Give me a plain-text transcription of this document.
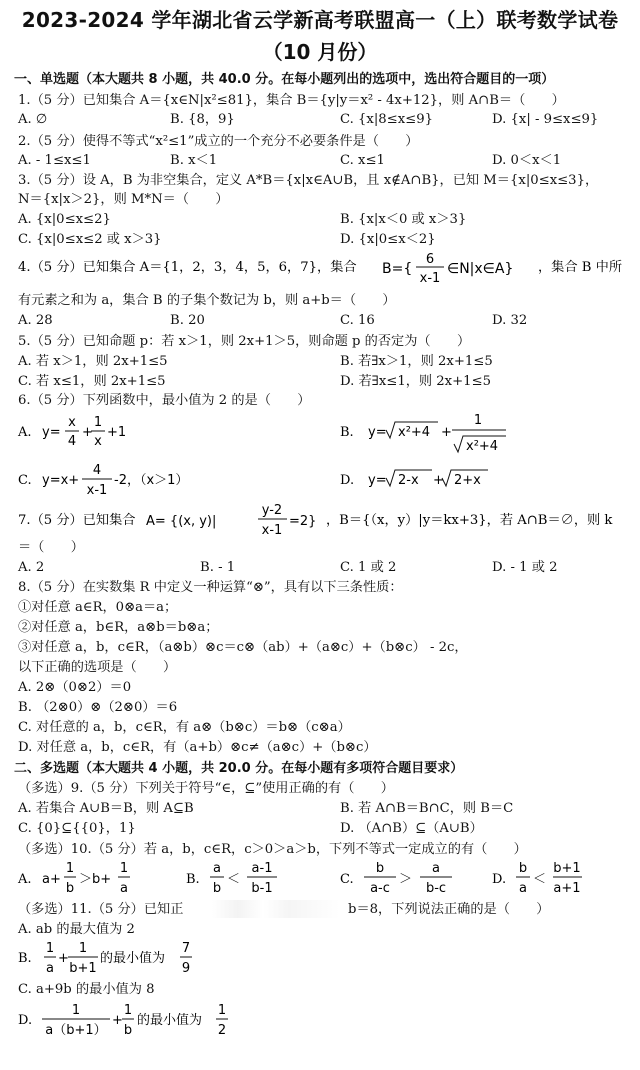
2023-2024 学年湖北省云学新高考联盟高一（上）联考数学试卷
（10 月份）
一、单选题（本大题共 8 小题，共 40.0 分。在每小题列出的选项中，选出符合题目的一项）
1.（5 分）已知集合 A＝{x∈N|x²≤81}，集合 B＝{y|y＝x² - 4x+12}，则 A∩B＝（　　）
A. ∅	B. {8，9}	C. {x|8≤x≤9}	D. {x| - 9≤x≤9}
2.（5 分）使得不等式“x²≤1”成立的一个充分不必要条件是（　　）
A. - 1≤x≤1	B. x＜1	C. x≤1	D. 0＜x＜1
3.（5 分）设 A，B 为非空集合，定义 A*B＝{x|x∈A∪B，且 x∉A∩B}，已知 M＝{x|0≤x≤3}，
N＝{x|x＞2}，则 M*N＝（　　）
A. {x|0≤x≤2}	B. {x|x＜0 或 x＞3}
C. {x|0≤x≤2 或 x＞3}	D. {x|0≤x＜2}
4.（5 分）已知集合 A＝{1，2，3，4，5，6，7}，集合 B={
6
x-1
∈N|x∈A} ，集合 B 中所
有元素之和为 a，集合 B 的子集个数记为 b，则 a+b＝（　　）
A. 28	B. 20	C. 16	D. 32
5.（5 分）已知命题 p：若 x＞1，则 2x+1＞5，则命题 p 的否定为（　　）
A. 若 x＞1，则 2x+1≤5	B. 若∃x＞1，则 2x+1≤5
C. 若 x≤1，则 2x+1≤5	D. 若∃x≤1，则 2x+1≤5
6.（5 分）下列函数中，最小值为 2 的是（　　）
A. y=
x
4
+
1
x
+1	B. y= x²+4 +
1
x²+4
C. y=x+
4
x-1
-2，（x＞1）	D. y= 2-x + 2+x
7.（5 分）已知集合 A= {(x, y)|
y-2
x-1
=2} ，B＝{（x，y）|y＝kx+3}，若 A∩B＝∅，则 k
＝（　　）
A. 2	B. - 1	C. 1 或 2	D. - 1 或 2
8.（5 分）在实数集 R 中定义一种运算“⊗”，具有以下三条性质：
①对任意 a∈R，0⊗a＝a；
②对任意 a，b∈R，a⊗b＝b⊗a；
③对任意 a，b，c∈R，（a⊗b）⊗c＝c⊗（ab）+（a⊗c）+（b⊗c） - 2c，
以下正确的选项是（　　）
A. 2⊗（0⊗2）＝0
B. （2⊗0）⊗（2⊗0）＝6
C. 对任意的 a，b，c∈R，有 a⊗（b⊗c）＝b⊗（c⊗a）
D. 对任意 a，b，c∈R，有（a+b）⊗c≠（a⊗c）+（b⊗c）
二、多选题（本大题共 4 小题，共 20.0 分。在每小题有多项符合题目要求）
（多选）9.（5 分）下列关于符号“∈，⊆”使用正确的有（　　）
A. 若集合 A∪B＝B，则 A⊆B	B. 若 A∩B＝B∩C，则 B＝C
C. {0}⊆{{0}，1}	D. （A∩B）⊆（A∪B）
（多选）10.（5 分）若 a，b，c∈R，c＞0＞a＞b，下列不等式一定成立的有（　　）
A. a+
1
b
＞b+
1
a
B.
a
b
＜
a-1
b-1
C.
b
a-c
＞
a
b-c
D.
b
a
＜
b+1
a+1
（多选）11.（5 分）已知正	b＝8，下列说法正确的是（　　）
A. ab 的最大值为 2
B.
1
a
+
1
b+1
的最小值为
7
9
C. a+9b 的最小值为 8
D.
1
a（b+1）
+
1
b
的最小值为
1
2
